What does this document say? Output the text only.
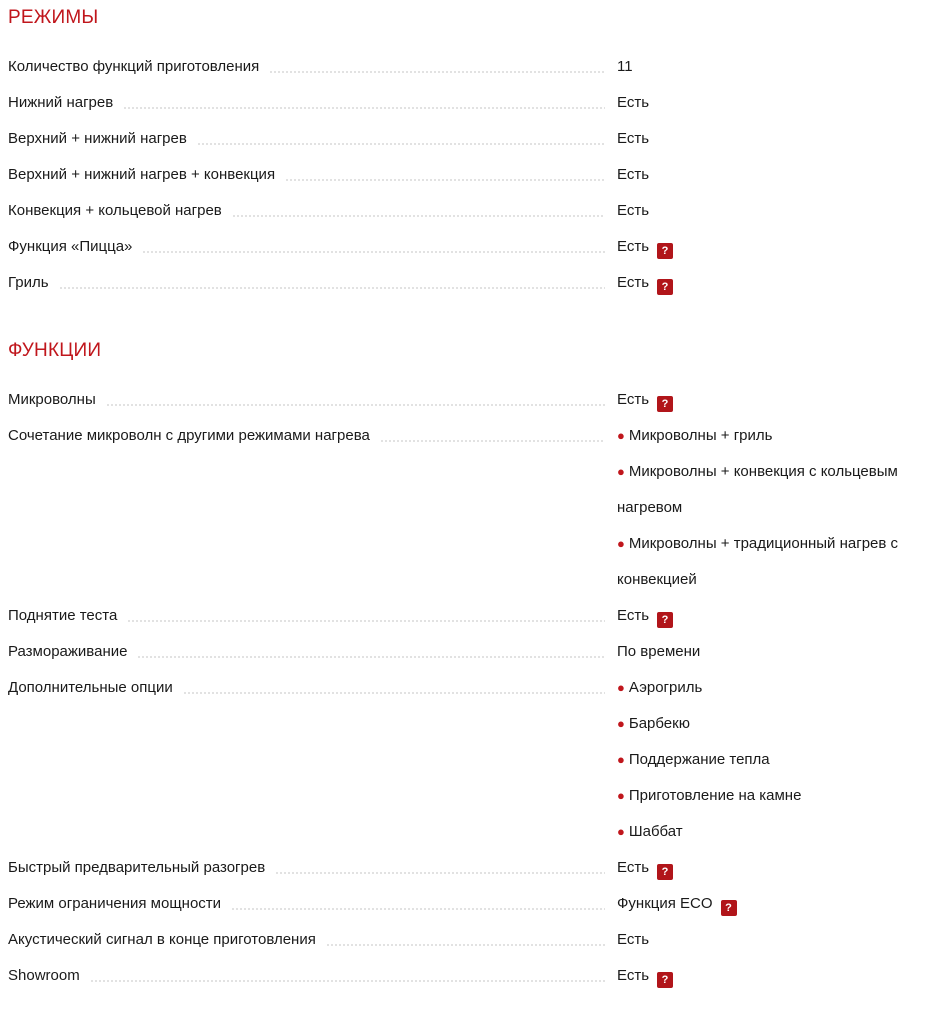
РЕЖИМЫ
Количество функций приготовления	11
Нижний нагрев	Есть
Верхний + нижний нагрев	Есть
Верхний + нижний нагрев + конвекция	Есть
Конвекция + кольцевой нагрев	Есть
Функция «Пицца»	Есть ?
Гриль	Есть ?
ФУНКЦИИ
Микроволны	Есть ?
Сочетание микроволн с другими режимами нагрева	● Микроволны + гриль
● Микроволны + конвекция с кольцевым нагревом
● Микроволны + традиционный нагрев с конвекцией
Поднятие теста	Есть ?
Размораживание	По времени
Дополнительные опции	● Аэрогриль
● Барбекю
● Поддержание тепла
● Приготовление на камне
● Шаббат
Быстрый предварительный разогрев	Есть ?
Режим ограничения мощности	Функция ECO ?
Акустический сигнал в конце приготовления	Есть
Showroom	Есть ?
